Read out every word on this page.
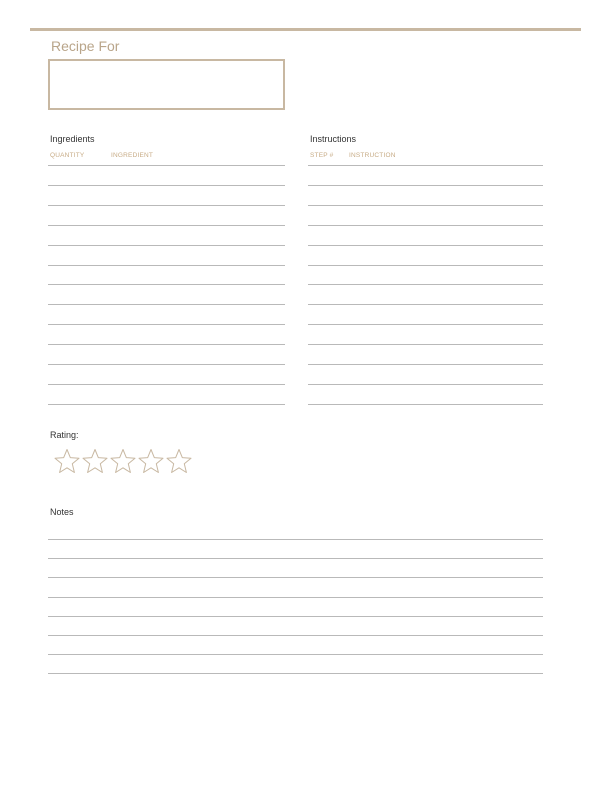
Recipe For
Ingredients
QUANTITY	INGREDIENT
Instructions
STEP # INSTRUCTION
Rating:
Notes
